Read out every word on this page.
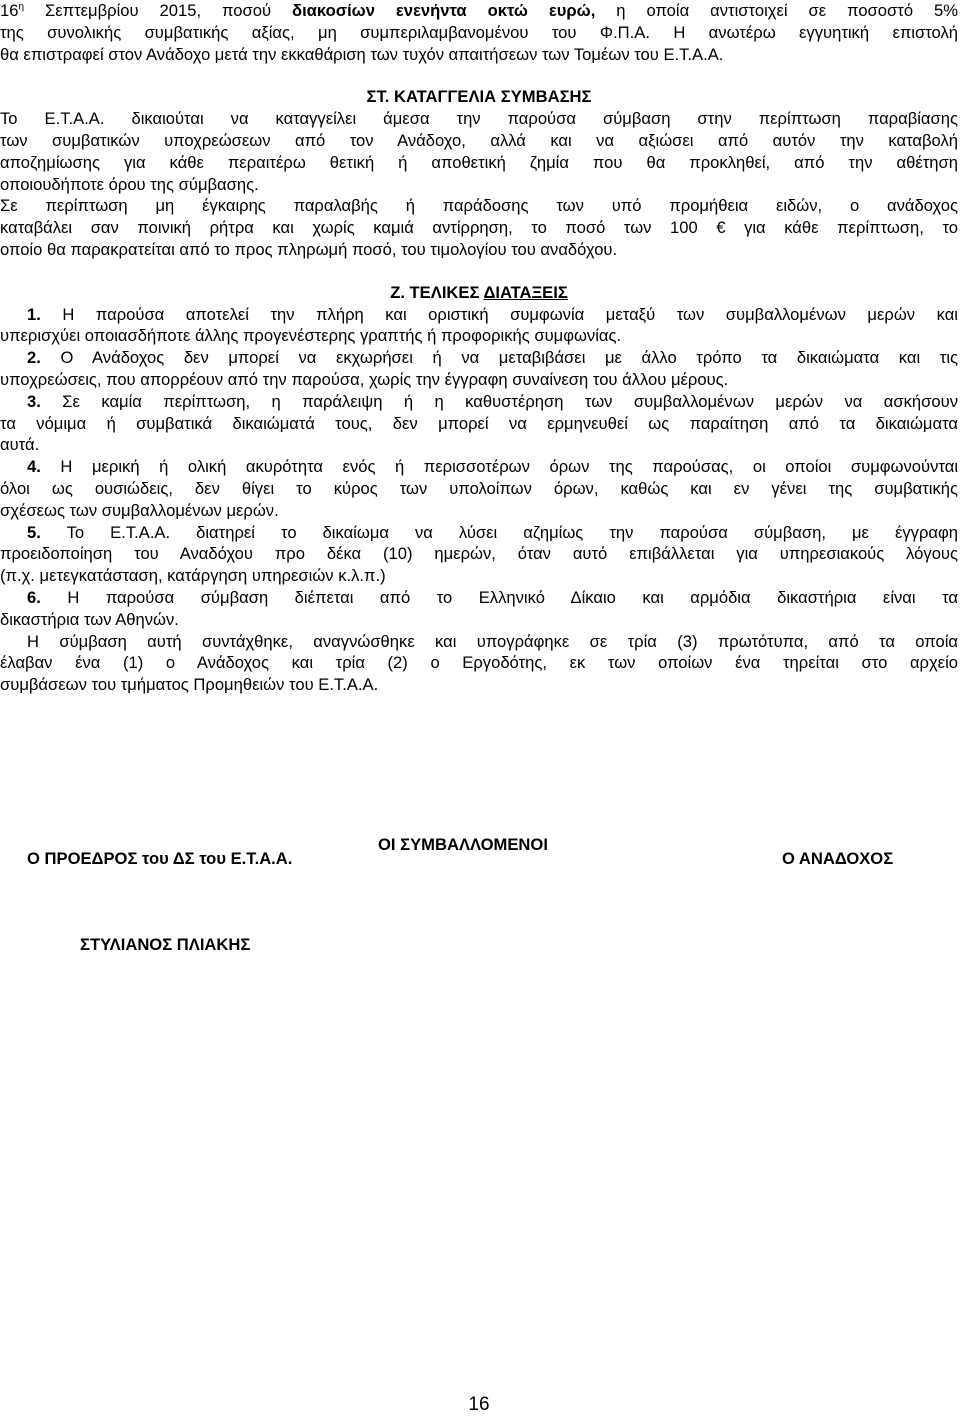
$16^\eta$ Σεπτεμβρίου 2015, ποσού διακοσίων ενενήντα οκτώ ευρώ, η οποία αντιστοιχεί σε ποσοστό 5%
της συνολικής συμβατικής αξίας, μη συμπεριλαμβανομένου του Φ.Π.Α. Η ανωτέρω εγγυητική επιστολή
θα επιστραφεί στον Ανάδοχο μετά την εκκαθάριση των τυχόν απαιτήσεων των Τομέων του Ε.Τ.Α.Α.

ΣΤ. ΚΑΤΑΓΓΕΛΙΑ ΣΥΜΒΑΣΗΣ

Το Ε.Τ.Α.Α. δικαιούται να καταγγείλει άμεσα την παρούσα σύμβαση στην περίπτωση παραβίασης
των συμβατικών υποχρεώσεων από τον Ανάδοχο, αλλά και να αξιώσει από αυτόν την καταβολή
αποζημίωσης για κάθε περαιτέρω θετική ή αποθετική ζημία που θα προκληθεί, από την αθέτηση
οποιουδήποτε όρου της σύμβασης.

Σε περίπτωση μη έγκαιρης παραλαβής ή παράδοσης των υπό προμήθεια ειδών, ο ανάδοχος
καταβάλει σαν ποινική ρήτρα και χωρίς καμιά αντίρρηση, το ποσό των 100 € για κάθε περίπτωση, το
οποίο θα παρακρατείται από το προς πληρωμή ποσό, του τιμολογίου του αναδόχου.

Ζ. ΤΕΛΙΚΕΣ ΔΙΑΤΑΞΕΙΣ

1. Η παρούσα αποτελεί την πλήρη και οριστική συμφωνία μεταξύ των συμβαλλομένων μερών και
υπερισχύει οποιασδήποτε άλλης προγενέστερης γραπτής ή προφορικής συμφωνίας.

2. Ο Ανάδοχος δεν μπορεί να εκχωρήσει ή να μεταβιβάσει με άλλο τρόπο τα δικαιώματα και τις
υποχρεώσεις, που απορρέουν από την παρούσα, χωρίς την έγγραφη συναίνεση του άλλου μέρους.

3. Σε καμία περίπτωση, η παράλειψη ή η καθυστέρηση των συμβαλλομένων μερών να ασκήσουν
τα νόμιμα ή συμβατικά δικαιώματά τους, δεν μπορεί να ερμηνευθεί ως παραίτηση από τα δικαιώματα
αυτά.

4. Η μερική ή ολική ακυρότητα ενός ή περισσοτέρων όρων της παρούσας, οι οποίοι συμφωνούνται
όλοι ως ουσιώδεις, δεν θίγει το κύρος των υπολοίπων όρων, καθώς και εν γένει της συμβατικής
σχέσεως των συμβαλλομένων μερών.

5. Το Ε.Τ.Α.Α. διατηρεί το δικαίωμα να λύσει αζημίως την παρούσα σύμβαση, με έγγραφη
προειδοποίηση του Αναδόχου προ δέκα (10) ημερών, όταν αυτό επιβάλλεται για υπηρεσιακούς λόγους
(π.χ. μετεγκατάσταση, κατάργηση υπηρεσιών κ.λ.π.)

6. Η παρούσα σύμβαση διέπεται από το Ελληνικό Δίκαιο και αρμόδια δικαστήρια είναι τα
δικαστήρια των Αθηνών.

Η σύμβαση αυτή συντάχθηκε, αναγνώσθηκε και υπογράφηκε σε τρία (3) πρωτότυπα, από τα οποία
έλαβαν ένα (1) ο Ανάδοχος και τρία (2) ο Εργοδότης, εκ των οποίων ένα τηρείται στο αρχείο
συμβάσεων του τμήματος Προμηθειών του Ε.Τ.Α.Α.

ΟΙ ΣΥΜΒΑΛΛΟΜΕΝΟΙ
Ο ΠΡΟΕΔΡΟΣ του ΔΣ του Ε.Τ.Α.Α.	Ο ΑΝΑΔΟΧΟΣ
ΣΤΥΛΙΑΝΟΣ ΠΛΙΑΚΗΣ
16
